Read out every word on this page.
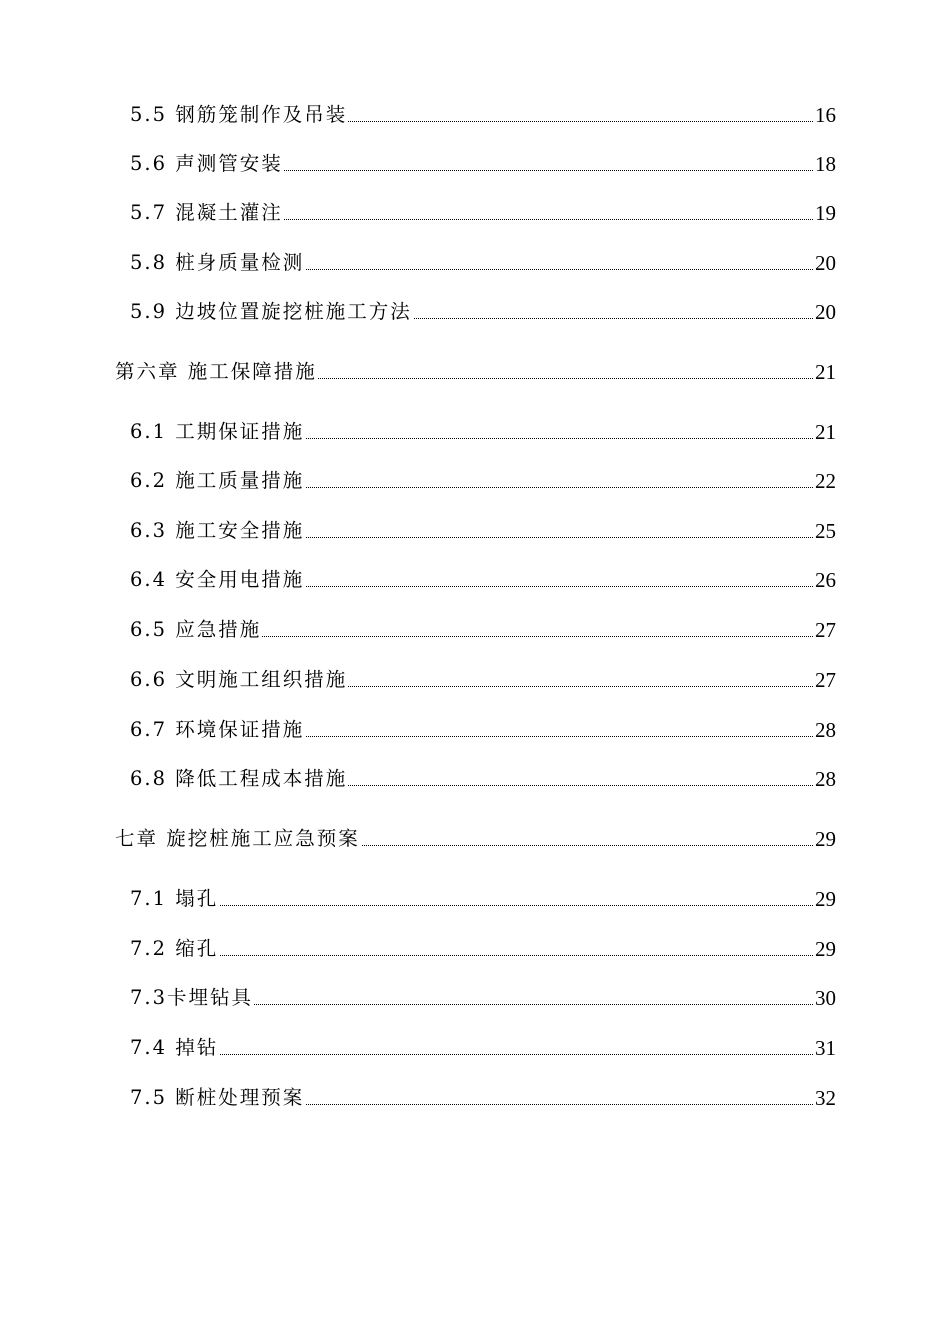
5.5 钢筋笼制作及吊装	16
5.6 声测管安装	18
5.7 混凝土灌注	19
5.8 桩身质量检测	20
5.9 边坡位置旋挖桩施工方法	20
第六章 施工保障措施	21
6.1 工期保证措施	21
6.2 施工质量措施	22
6.3 施工安全措施	25
6.4 安全用电措施	26
6.5 应急措施	27
6.6 文明施工组织措施	27
6.7 环境保证措施	28
6.8 降低工程成本措施	28
七章 旋挖桩施工应急预案	29
7.1 塌孔	29
7.2 缩孔	29
7.3卡埋钻具	30
7.4 掉钻	31
7.5 断桩处理预案	32
